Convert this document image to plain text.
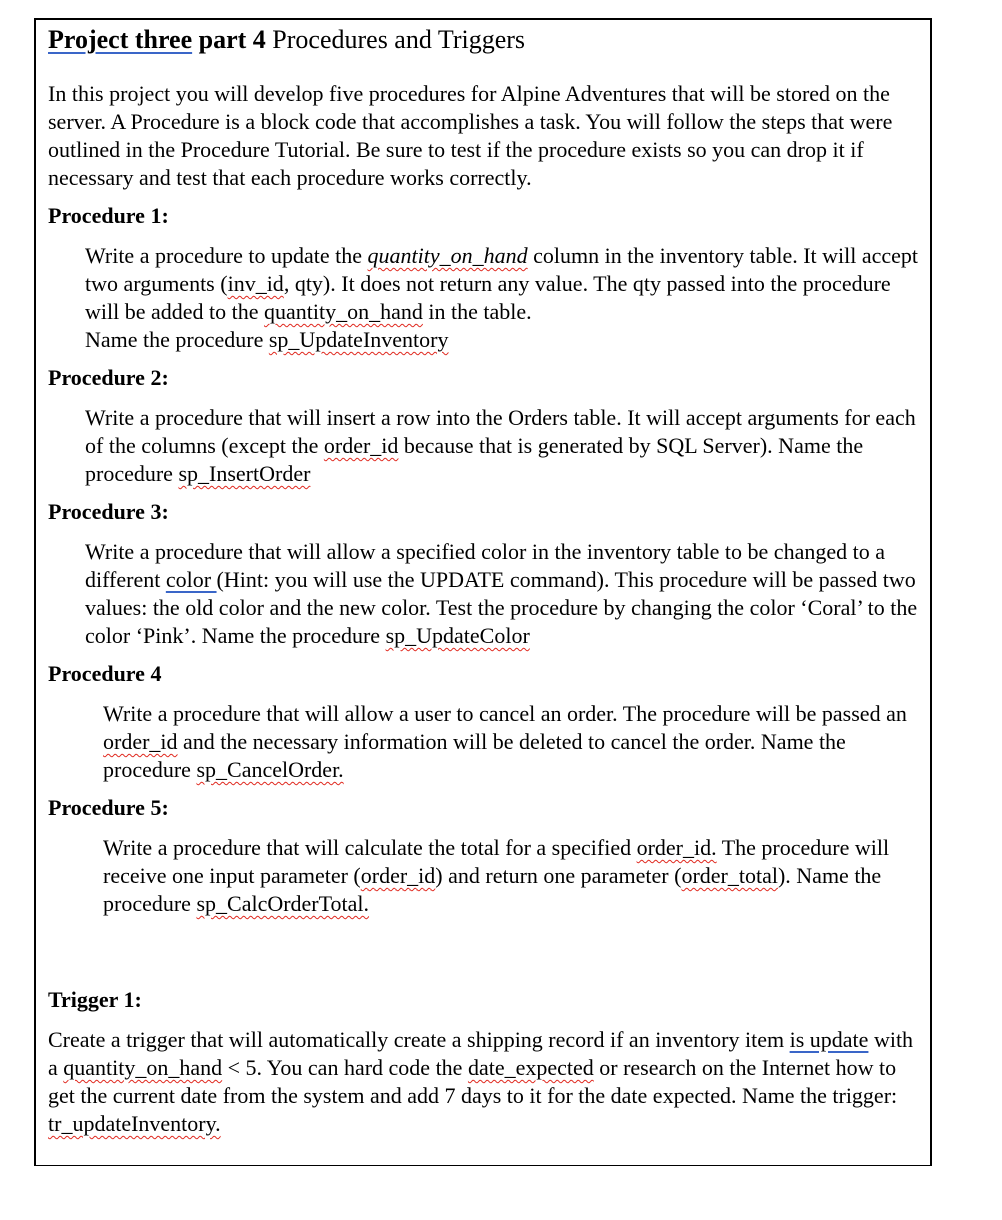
Project three part 4 Procedures and Triggers

In this project you will develop five procedures for Alpine Adventures that will be stored on the server. A Procedure is a block code that accomplishes a task. You will follow the steps that were outlined in the Procedure Tutorial. Be sure to test if the procedure exists so you can drop it if necessary and test that each procedure works correctly.

Procedure 1:

Write a procedure to update the quantity_on_hand column in the inventory table. It will accept two arguments (inv_id, qty). It does not return any value. The qty passed into the procedure will be added to the quantity_on_hand in the table.
Name the procedure sp_UpdateInventory

Procedure 2:

Write a procedure that will insert a row into the Orders table. It will accept arguments for each of the columns (except the order_id because that is generated by SQL Server). Name the procedure sp_InsertOrder

Procedure 3:

Write a procedure that will allow a specified color in the inventory table to be changed to a different color (Hint: you will use the UPDATE command). This procedure will be passed two values: the old color and the new color. Test the procedure by changing the color ‘Coral’ to the color ‘Pink’. Name the procedure sp_UpdateColor

Procedure 4

Write a procedure that will allow a user to cancel an order. The procedure will be passed an order_id and the necessary information will be deleted to cancel the order. Name the procedure sp_CancelOrder.

Procedure 5:

Write a procedure that will calculate the total for a specified order_id. The procedure will receive one input parameter (order_id) and return one parameter (order_total). Name the procedure sp_CalcOrderTotal.

Trigger 1:

Create a trigger that will automatically create a shipping record if an inventory item is update with a quantity_on_hand < 5. You can hard code the date_expected or research on the Internet how to get the current date from the system and add 7 days to it for the date expected. Name the trigger: tr_updateInventory.
